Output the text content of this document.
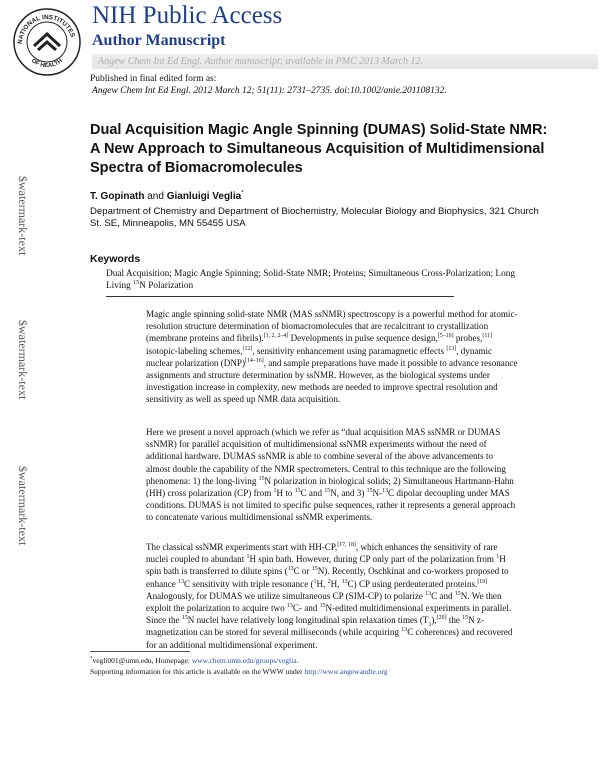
NATIONAL INSTITUTES
OF HEALTH
NIH Public Access
Author Manuscript
Angew Chem Int Ed Engl. Author manuscript; available in PMC 2013 March 12.
Published in final edited form as:
Angew Chem Int Ed Engl. 2012 March 12; 51(11): 2731–2735. doi:10.1002/anie.201108132.
Dual Acquisition Magic Angle Spinning (DUMAS) Solid-State NMR: A New Approach to Simultaneous Acquisition of Multidimensional Spectra of Biomacromolecules
T. Gopinath and Gianluigi Veglia*
Department of Chemistry and Department of Biochemistry, Molecular Biology and Biophysics, 321 Church St. SE, Minneapolis, MN 55455 USA
Keywords
Dual Acquisition; Magic Angle Spinning; Solid-State NMR; Proteins; Simultaneous Cross-Polarization; Long Living $^{15}$N Polarization
Magic angle spinning solid-state NMR (MAS ssNMR) spectroscopy is a powerful method for atomic-resolution structure determination of biomacromolecules that are recalcitrant to crystallization (membrane proteins and fibrils).[1, 2, 2–4] Developments in pulse sequence design,[5–10] probes,[11] isotopic-labeling schemes,[12], sensitivity enhancement using paramagnetic effects [13], dynamic nuclear polarization (DNP)[14–16], and sample preparations have made it possible to advance resonance assignments and structure determination by ssNMR. However, as the biological systems under investigation increase in complexity, new methods are needed to improve spectral resolution and sensitivity as well as speed up NMR data acquisition.
Here we present a novel approach (which we refer as “dual acquisition MAS ssNMR or DUMAS ssNMR) for parallel acquisition of multidimensional ssNMR experiments without the need of additional hardware. DUMAS ssNMR is able to combine several of the above advancements to almost double the capability of the NMR spectrometers. Central to this technique are the following phenomena: 1) the long-living $^{15}$N polarization in biological solids; 2) Simultaneous Hartmann-Hahn (HH) cross polarization (CP) from $^1$H to $^{13}$C and $^{15}$N, and 3) $^{15}$N-$^{13}$C dipolar decoupling under MAS conditions. DUMAS is not limited to specific pulse sequences, rather it represents a general approach to concatenate various multidimensional ssNMR experiments.
The classical ssNMR experiments start with HH-CP,[17, 18], which enhances the sensitivity of rare nuclei coupled to abundant $^1$H spin bath. However, during CP only part of the polarization from $^1$H spin bath is transferred to dilute spins ($^{13}$C or $^{15}$N). Recently, Oschkinat and co-workers proposed to enhance $^{13}$C sensitivity with triple resonance ($^1$H, $^2$H, $^{13}$C) CP using perdeuterated proteins.[19] Analogously, for DUMAS we utilize simultaneous CP (SIM-CP) to polarize $^{13}$C and $^{15}$N. We then exploit the polarization to acquire two $^{13}$C- and $^{15}$N-edited multidimensional experiments in parallel. Since the $^{15}$N nuclei have relatively long longitudinal spin relaxation times $(T_1),[20]$ the $^{15}$N z-magnetization can be stored for several milliseconds (while acquiring $^{13}$C coherences) and recovered for an additional multidimensional experiment.
*vegli001@umn.edu, Homepage: www.chem.umn.edu/groups/veglia.
Supporting information for this article is available on the WWW under http://www.angewandte.org
$watermark-text
$watermark-text
$watermark-text
